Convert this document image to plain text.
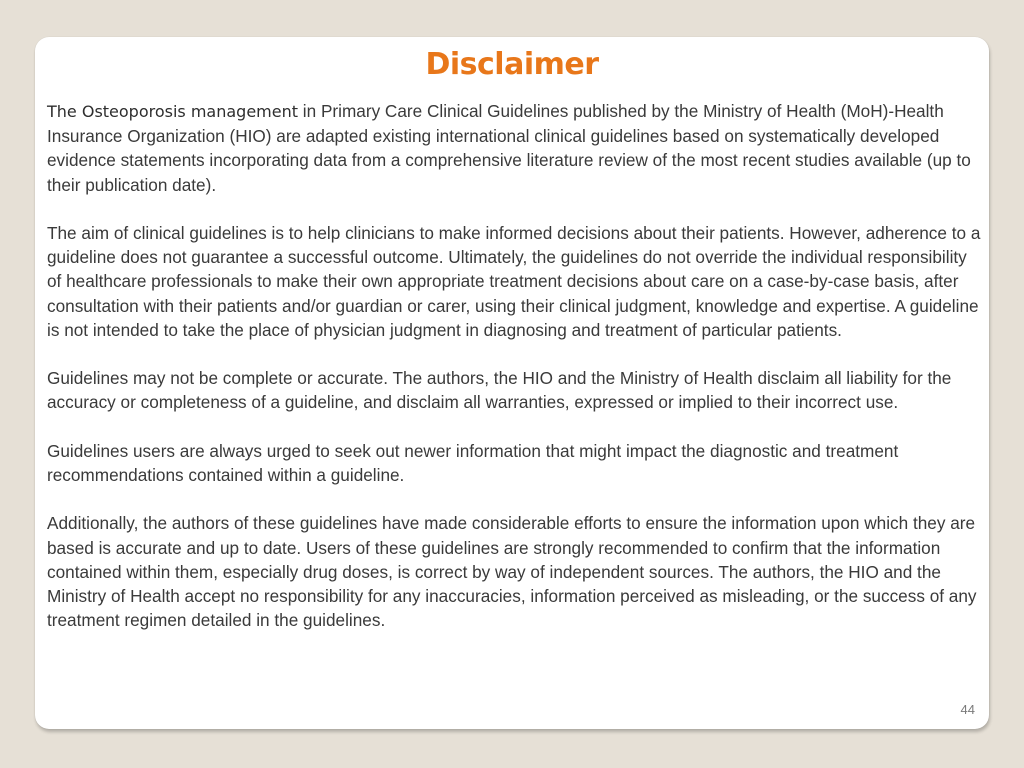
Disclaimer

The Osteoporosis management in Primary Care Clinical Guidelines published by the Ministry of Health (MoH)-Health Insurance Organization (HIO) are adapted existing international clinical guidelines based on systematically developed evidence statements incorporating data from a comprehensive literature review of the most recent studies available (up to their publication date).

The aim of clinical guidelines is to help clinicians to make informed decisions about their patients. However, adherence to a guideline does not guarantee a successful outcome. Ultimately, the guidelines do not override the individual responsibility of healthcare professionals to make their own appropriate treatment decisions about care on a case-by-case basis, after consultation with their patients and/or guardian or carer, using their clinical judgment, knowledge and expertise. A guideline is not intended to take the place of physician judgment in diagnosing and treatment of particular patients.

Guidelines may not be complete or accurate. The authors, the HIO and the Ministry of Health disclaim all liability for the accuracy or completeness of a guideline, and disclaim all warranties, expressed or implied to their incorrect use.

Guidelines users are always urged to seek out newer information that might impact the diagnostic and treatment recommendations contained within a guideline.

Additionally, the authors of these guidelines have made considerable efforts to ensure the information upon which they are based is accurate and up to date. Users of these guidelines are strongly recommended to confirm that the information contained within them, especially drug doses, is correct by way of independent sources. The authors, the HIO and the Ministry of Health accept no responsibility for any inaccuracies, information perceived as misleading, or the success of any treatment regimen detailed in the guidelines.

44
